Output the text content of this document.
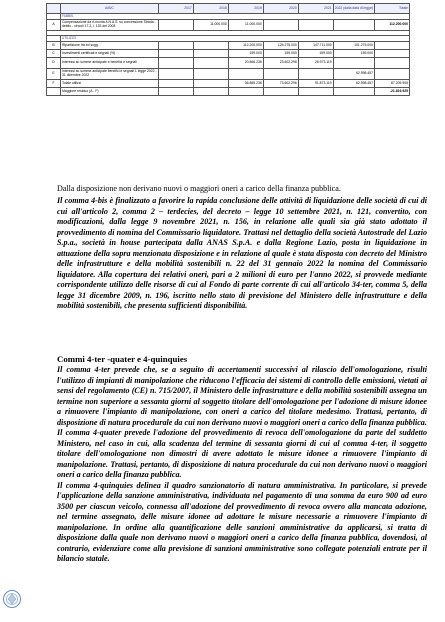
	A/B/C	2017	2018	2019	2020	2021	2022 (dalla data di legge)	Totale
	FABBIS.							
A	Compensazione da ri-monta A.N.A.S. su concessione Strada - debito - vincoli 17.2, l. 133 del 2008		11.000.000	11.000.000				112.200.000

	UTILIZZO							
B	Ripartizione fra ed sogg.			112.200.000	125.275.000	147.711.000	101.275.000	
C	Investimenti certificati e segnali (%)			159.000	159.000	159.000	159.000	
D	Interessi su somme anticipate e benefici e segnali			20.866.236	23.602.296	26.973.119		
E	Interessi su somme anticipate benefici e segnali 1 legge 2022 - 31 dicembre 2022						62.998.457	
F	Totale utilizzi			36.865.236	73.602.296	91.873.119	62.998.457	87.209.905
	Maggiore residuo (A - F)							-21.819.925
Dalla disposizione non derivano nuovi o maggiori oneri a carico della finanza pubblica.
Il comma 4-bis è finalizzato a favorire la rapida conclusione delle attività di liquidazione delle società di cui di cui all'articolo 2, comma 2 – terdecies, del decreto – legge 10 settembre 2021, n. 121, convertito, con modificazioni, dalla legge 9 novembre 2021, n. 156, in relazione alle quali sia già stato adottato il provvedimento di nomina del Commissario liquidatore. Trattasi nel dettaglio della società Autostrade del Lazio S.p.a., società in house partecipata dalla ANAS S.p.A. e dalla Regione Lazio, posta in liquidazione in attuazione della sopra menzionata disposizione e in relazione al quale è stata disposta con decreto del Ministro delle infrastrutture e della mobilità sostenibili n. 22 del 31 gennaio 2022 la nomina del Commissario liquidatore. Alla copertura dei relativi oneri, pari a 2 milioni di euro per l'anno 2022, si provvede mediante corrispondente utilizzo delle risorse di cui al Fondo di parte corrente di cui all'articolo 34-ter, comma 5, della legge 31 dicembre 2009, n. 196, iscritto nello stato di previsione del Ministero delle infrastrutture e della mobilità sostenibili, che presenta sufficienti disponibilità.
Commi 4-ter -quater e 4-quinquies
Il comma 4-ter prevede che, se a seguito di accertamenti successivi al rilascio dell'omologazione, risulti l'utilizzo di impianti di manipolazione che riducono l'efficacia dei sistemi di controllo delle emissioni, vietati ai sensi del regolamento (CE) n. 715/2007, il Ministero delle infrastrutture e della mobilità sostenibili assegna un termine non superiore a sessanta giorni al soggetto titolare dell'omologazione per l'adozione di misure idonee a rimuovere l'impianto di manipolazione, con oneri a carico del titolare medesimo. Trattasi, pertanto, di disposizione di natura procedurale da cui non derivano nuovi o maggiori oneri a carico della finanza pubblica.
Il comma 4-quater prevede l'adozione del provvedimento di revoca dell'omologazione da parte del suddetto Ministero, nel caso in cui, alla scadenza del termine di sessanta giorni di cui al comma 4-ter, il soggetto titolare dell'omologazione non dimostri di avere adottato le misure idonee a rimuovere l'impianto di manipolazione. Trattasi, pertanto, di disposizione di natura procedurale da cui non derivano nuovi o maggiori oneri a carico della finanza pubblica.
Il comma 4-quinquies delinea il quadro sanzionatorio di natura amministrativa. In particolare, si prevede l'applicazione della sanzione amministrativa, individuata nel pagamento di una somma da euro 900 ad euro 3500 per ciascun veicolo, connessa all'adozione del provvedimento di revoca ovvero alla mancata adozione, nel termine assegnato, delle misure idonee ad adottare le misure necessarie a rimuovere l'impianto di manipolazione. In ordine alla quantificazione delle sanzioni amministrative da applicarsi, si tratta di disposizione dalla quale non derivano nuovi o maggiori oneri a carico della finanza pubblica, dovendosi, al contrario, evidenziare come alla previsione di sanzioni amministrative sono collegate potenziali entrate per il bilancio statale.
